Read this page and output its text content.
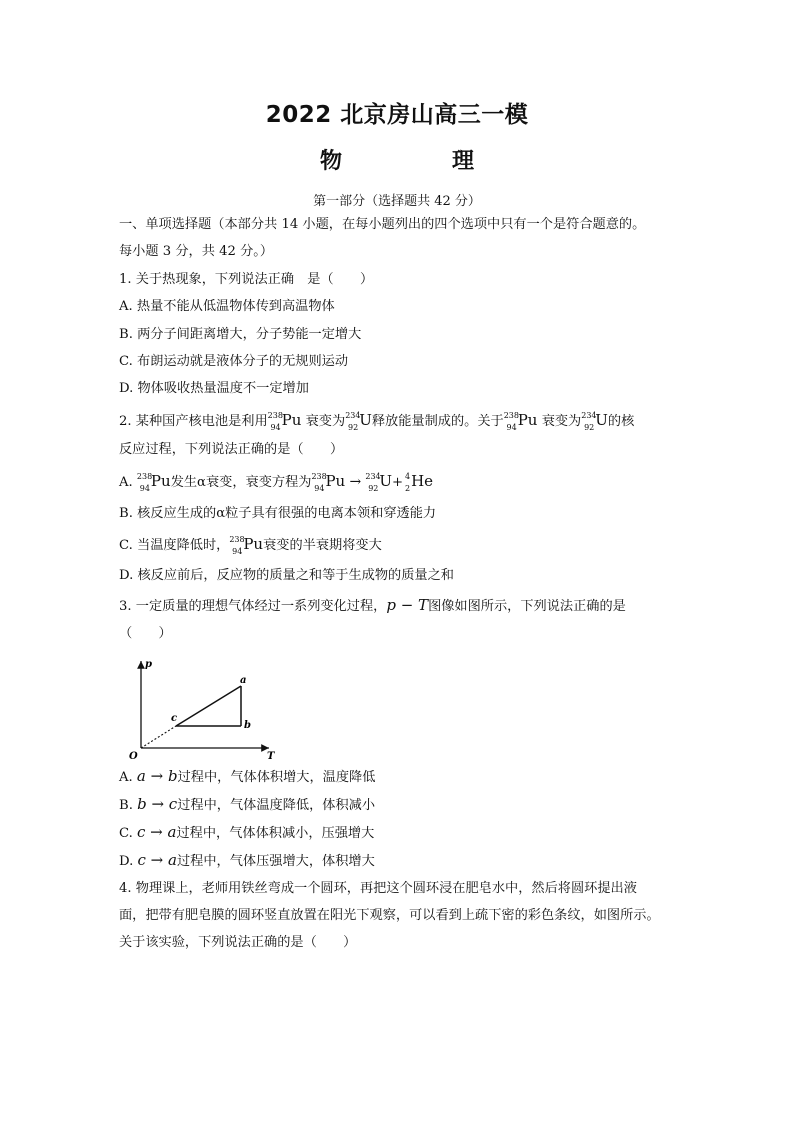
2022 北京房山高三一模
物　理
第一部分（选择题共 42 分）
一、单项选择题（本部分共 14 小题，在每小题列出的四个选项中只有一个是符合题意的。
每小题 3 分，共 42 分。）
1. 关于热现象，下列说法正确　是（　　）
A. 热量不能从低温物体传到高温物体
B. 两分子间距离增大，分子势能一定增大
C. 布朗运动就是液体分子的无规则运动
D. 物体吸收热量温度不一定增加
2. 某种国产核电池是利用 238
94 Pu 衰变为 234
92 U释放能量制成的。关于 238
94 Pu 衰变为 234
92 U的核
反应过程，下列说法正确的是（　　）
A. 238
94 Pu发生α衰变，衰变方程为 238
94 Pu → 234
92 U+ 4
2 He
B. 核反应生成的α粒子具有很强的电离本领和穿透能力
C. 当温度降低时， 238
94 Pu衰变的半衰期将变大
D. 核反应前后，反应物的质量之和等于生成物的质量之和
3. 一定质量的理想气体经过一系列变化过程，p − T图像如图所示，下列说法正确的是
（　　）
p
T
O
a
b
c
A. a → b过程中，气体体积增大，温度降低
B. b → c过程中，气体温度降低，体积减小
C. c → a过程中，气体体积减小，压强增大
D. c → a过程中，气体压强增大，体积增大
4. 物理课上，老师用铁丝弯成一个圆环，再把这个圆环浸在肥皂水中，然后将圆环提出液
面，把带有肥皂膜的圆环竖直放置在阳光下观察，可以看到上疏下密的彩色条纹，如图所示。
关于该实验，下列说法正确的是（　　）
